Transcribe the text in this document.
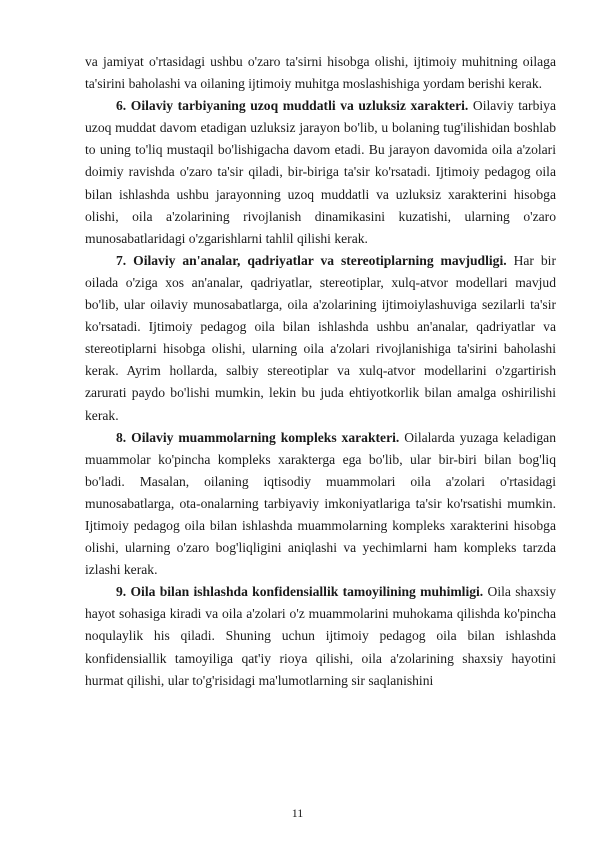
va jamiyat o'rtasidagi ushbu o'zaro ta'sirni hisobga olishi, ijtimoiy muhitning oilaga ta'sirini baholashi va oilaning ijtimoiy muhitga moslashishiga yordam berishi kerak.

6. Oilaviy tarbiyaning uzoq muddatli va uzluksiz xarakteri. Oilaviy tarbiya uzoq muddat davom etadigan uzluksiz jarayon bo'lib, u bolaning tug'ilishidan boshlab to uning to'liq mustaqil bo'lishigacha davom etadi. Bu jarayon davomida oila a'zolari doimiy ravishda o'zaro ta'sir qiladi, bir-biriga ta'sir ko'rsatadi. Ijtimoiy pedagog oila bilan ishlashda ushbu jarayonning uzoq muddatli va uzluksiz xarakterini hisobga olishi, oila a'zolarining rivojlanish dinamikasini kuzatishi, ularning o'zaro munosabatlaridagi o'zgarishlarni tahlil qilishi kerak.

7. Oilaviy an'analar, qadriyatlar va stereotiplarning mavjudligi. Har bir oilada o'ziga xos an'analar, qadriyatlar, stereotiplar, xulq-atvor modellari mavjud bo'lib, ular oilaviy munosabatlarga, oila a'zolarining ijtimoiylashuviga sezilarli ta'sir ko'rsatadi. Ijtimoiy pedagog oila bilan ishlashda ushbu an'analar, qadriyatlar va stereotiplarni hisobga olishi, ularning oila a'zolari rivojlanishiga ta'sirini baholashi kerak. Ayrim hollarda, salbiy stereotiplar va xulq-atvor modellarini o'zgartirish zarurati paydo bo'lishi mumkin, lekin bu juda ehtiyotkorlik bilan amalga oshirilishi kerak.

8. Oilaviy muammolarning kompleks xarakteri. Oilalarda yuzaga keladigan muammolar ko'pincha kompleks xarakterga ega bo'lib, ular bir-biri bilan bog'liq bo'ladi. Masalan, oilaning iqtisodiy muammolari oila a'zolari o'rtasidagi munosabatlarga, ota-onalarning tarbiyaviy imkoniyatlariga ta'sir ko'rsatishi mumkin. Ijtimoiy pedagog oila bilan ishlashda muammolarning kompleks xarakterini hisobga olishi, ularning o'zaro bog'liqligini aniqlashi va yechimlarni ham kompleks tarzda izlashi kerak.

9. Oila bilan ishlashda konfidensiallik tamoyilining muhimligi. Oila shaxsiy hayot sohasiga kiradi va oila a'zolari o'z muammolarini muhokama qilishda ko'pincha noqulaylik his qiladi. Shuning uchun ijtimoiy pedagog oila bilan ishlashda konfidensiallik tamoyiliga qat'iy rioya qilishi, oila a'zolarining shaxsiy hayotini hurmat qilishi, ular to'g'risidagi ma'lumotlarning sir saqlanishini

11
